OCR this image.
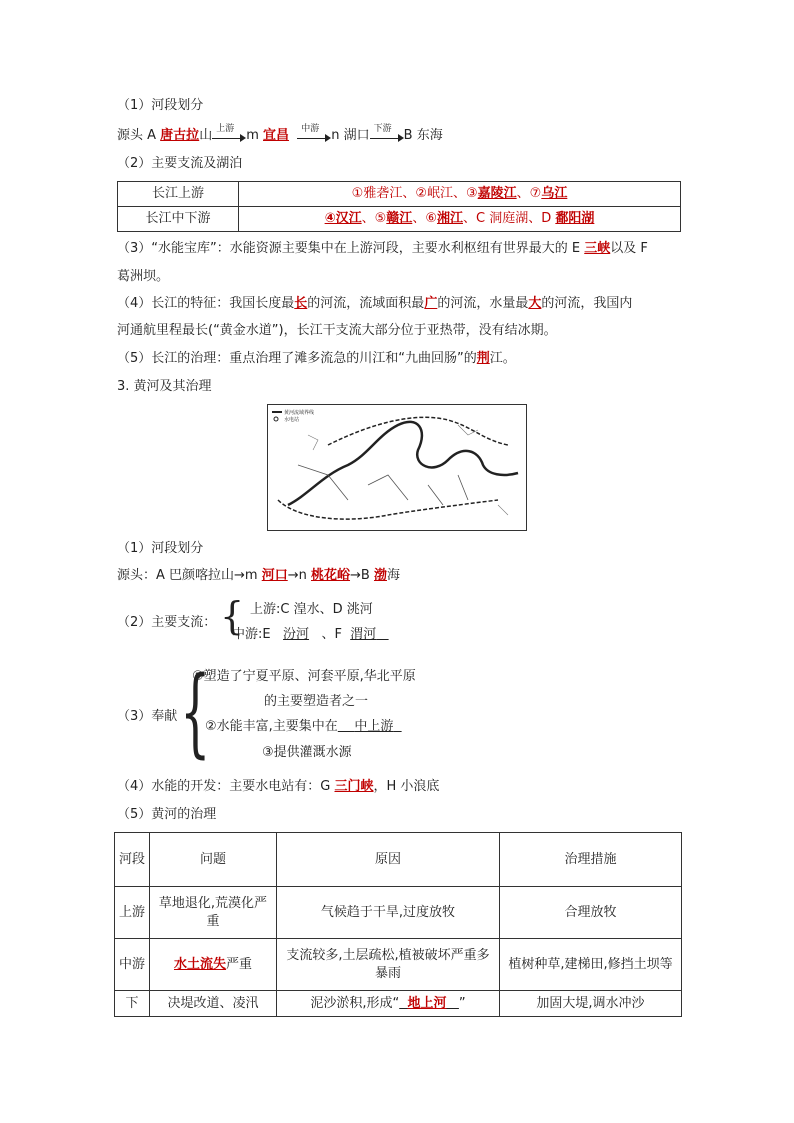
（1）河段划分
源头 A 唐古拉山 上游 m 宜昌 中游 n 湖口 下游 B 东海
（2）主要支流及湖泊
长江上游	①雅砻江、②岷江、③嘉陵江、⑦乌江
长江中下游	④汉江、⑤赣江、⑥湘江、C 洞庭湖、D 鄱阳湖
（3）“水能宝库”：水能资源主要集中在上游河段，主要水利枢纽有世界最大的 E 三峡以及 F
葛洲坝。
（4）长江的特征：我国长度最长的河流，流域面积最广的河流，水量最大的河流，我国内
河通航里程最长(“黄金水道”)，长江干支流大部分位于亚热带，没有结冰期。
（5）长江的治理：重点治理了滩多流急的川江和“九曲回肠”的荆江。
3. 黄河及其治理
黄河流域界线
水电站
（1）河段划分
源头：A 巴颜喀拉山→m 河口→n 桃花峪→B 渤海
（2）主要支流： { 上游:C 湟水、D 洮河
中游:E 汾河 、F 渭河
（3）奉献 {
①塑造了宁夏平原、河套平原,华北平原
的主要塑造者之一
②水能丰富,主要集中在 中上游
③提供灌溉水源
（4）水能的开发：主要水电站有：G 三门峡，H 小浪底
（5）黄河的治理
河段	问题	原因	治理措施
上游	草地退化,荒漠化严重	气候趋于干旱,过度放牧	合理放牧
中游	水土流失严重	支流较多,土层疏松,植被破坏严重多暴雨	植树种草,建梯田,修挡土坝等
下	决堤改道、凌汛	泥沙淤积,形成“ 地上河 ”	加固大堤,调水冲沙
